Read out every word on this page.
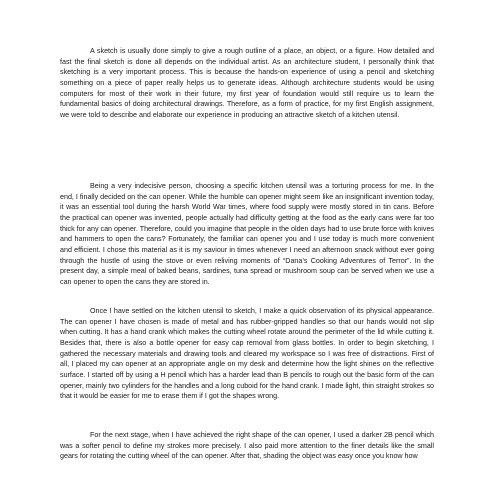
A sketch is usually done simply to give a rough outline of a place, an object, or a figure. How detailed and fast the final sketch is done all depends on the individual artist. As an architecture student, I personally think that sketching is a very important process. This is because the hands-on experience of using a pencil and sketching something on a piece of paper really helps us to generate ideas. Although architecture students would be using computers for most of their work in their future, my first year of foundation would still require us to learn the fundamental basics of doing architectural drawings. Therefore, as a form of practice, for my first English assignment, we were told to describe and elaborate our experience in producing an attractive sketch of a kitchen utensil.

Being a very indecisive person, choosing a specific kitchen utensil was a torturing process for me. In the end, I finally decided on the can opener. While the humble can opener might seem like an insignificant invention today, it was an essential tool during the harsh World War times, where food supply were mostly stored in tin cans. Before the practical can opener was invented, people actually had difficulty getting at the food as the early cans were far too thick for any can opener. Therefore, could you imagine that people in the olden days had to use brute force with knives and hammers to open the cans? Fortunately, the familiar can opener you and I use today is much more convenient and efficient. I chose this material as it is my saviour in times whenever I need an afternoon snack without ever going through the hustle of using the stove or even reliving moments of “Dana’s Cooking Adventures of Terror”. In the present day, a simple meal of baked beans, sardines, tuna spread or mushroom soup can be served when we use a can opener to open the cans they are stored in.

Once I have settled on the kitchen utensil to sketch, I make a quick observation of its physical appearance. The can opener I have chosen is made of metal and has rubber-gripped handles so that our hands would not slip when cutting. It has a hand crank which makes the cutting wheel rotate around the perimeter of the lid while cutting it. Besides that, there is also a bottle opener for easy cap removal from glass bottles. In order to begin sketching, I gathered the necessary materials and drawing tools and cleared my workspace so I was free of distractions. First of all, I placed my can opener at an appropriate angle on my desk and determine how the light shines on the reflective surface. I started off by using a H pencil which has a harder lead than B pencils to rough out the basic form of the can opener, mainly two cylinders for the handles and a long cuboid for the hand crank. I made light, thin straight strokes so that it would be easier for me to erase them if I got the shapes wrong.

For the next stage, when I have achieved the right shape of the can opener, I used a darker 2B pencil which was a softer pencil to define my strokes more precisely. I also paid more attention to the finer details like the small gears for rotating the cutting wheel of the can opener. After that, shading the object was easy once you know how
